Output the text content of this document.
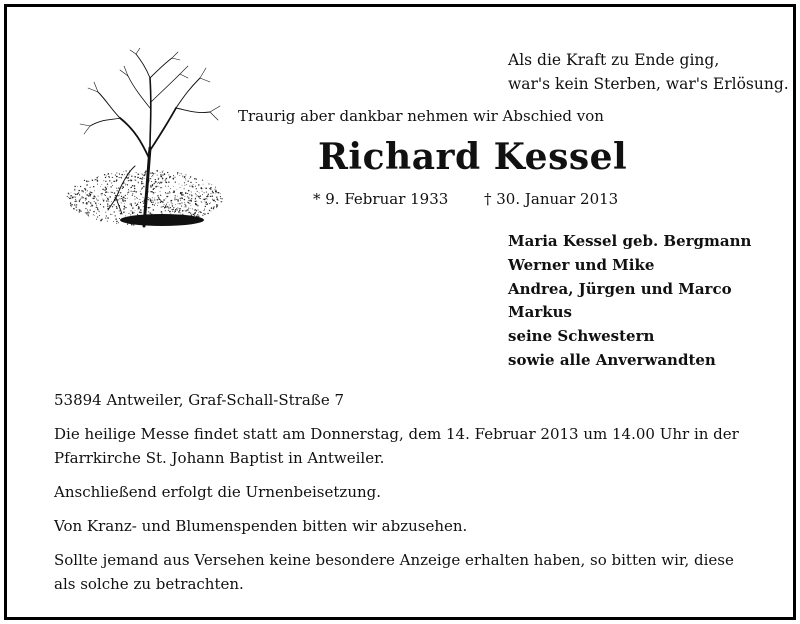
Als die Kraft zu Ende ging,
war's kein Sterben, war's Erlösung.
Traurig aber dankbar nehmen wir Abschied von
Richard Kessel
* 9. Februar 1933 † 30. Januar 2013
Maria Kessel geb. Bergmann
Werner und Mike
Andrea, Jürgen und Marco
Markus
seine Schwestern
sowie alle Anverwandten

53894 Antweiler, Graf-Schall-Straße 7

Die heilige Messe findet statt am Donnerstag, dem 14. Februar 2013 um 14.00 Uhr in der Pfarrkirche St. Johann Baptist in Antweiler.

Anschließend erfolgt die Urnenbeisetzung.

Von Kranz- und Blumenspenden bitten wir abzusehen.

Sollte jemand aus Versehen keine besondere Anzeige erhalten haben, so bitten wir, diese als solche zu betrachten.
